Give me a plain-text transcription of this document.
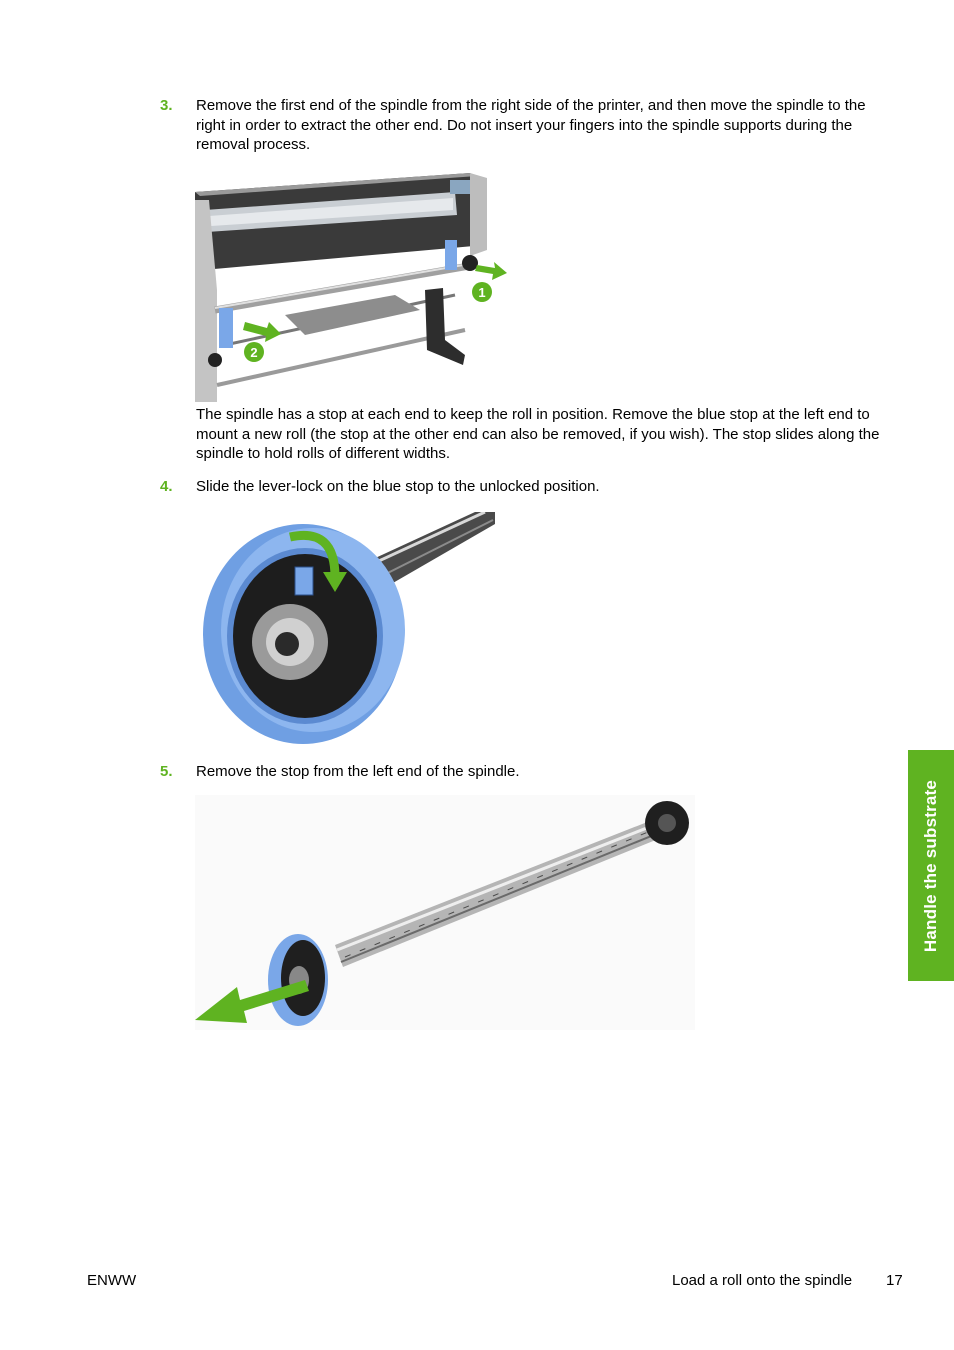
3.	Remove the first end of the spindle from the right side of the printer, and then move the spindle to the right in order to extract the other end. Do not insert your fingers into the spindle supports during the removal process.
1
2
The spindle has a stop at each end to keep the roll in position. Remove the blue stop at the left end to mount a new roll (the stop at the other end can also be removed, if you wish). The stop slides along the spindle to hold rolls of different widths.
4.	Slide the lever-lock on the blue stop to the unlocked position.
5.	Remove the stop from the left end of the spindle.
Handle the substrate
ENWW	Load a roll onto the spindle 17
